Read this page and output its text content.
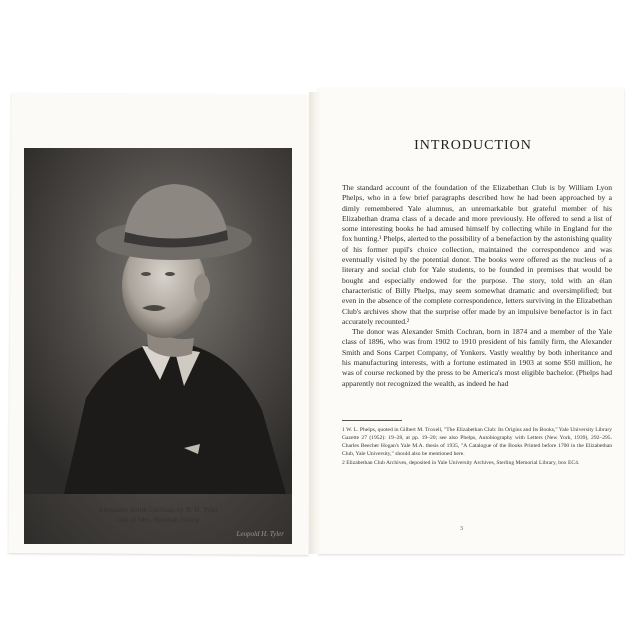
Leopold H. Tyler
Alexander Smith Cochran, by B. H. Tyler
Gift of Mrs. Sherman Ewing
INTRODUCTION

The standard account of the foundation of the Elizabethan Club is by William Lyon Phelps, who in a few brief paragraphs described how he had been approached by a dimly remembered Yale alumnus, an unremarkable but grateful member of his Elizabethan drama class of a decade and more previously. He offered to send a list of some interesting books he had amused himself by collecting while in England for the fox hunting.¹ Phelps, alerted to the possibility of a benefaction by the astonishing quality of his former pupil's choice collection, maintained the correspondence and was eventually visited by the potential donor. The books were offered as the nucleus of a literary and social club for Yale students, to be founded in premises that would be bought and especially endowed for the purpose. The story, told with an élan characteristic of Billy Phelps, may seem somewhat dramatic and oversimplified; but even in the absence of the complete correspondence, letters surviving in the Elizabethan Club's archives show that the surprise offer made by an impulsive benefactor is in fact accurately recounted.²

The donor was Alexander Smith Cochran, born in 1874 and a member of the Yale class of 1896, who was from 1902 to 1910 president of his family firm, the Alexander Smith and Sons Carpet Company, of Yonkers. Vastly wealthy by both inheritance and his manufacturing interests, with a fortune estimated in 1903 at some $50 million, he was of course reckoned by the press to be America's most eligible bachelor. (Phelps had apparently not recognized the wealth, as indeed he had

1 W. L. Phelps, quoted in Gilbert M. Troxell, "The Elizabethan Club: Its Origins and Its Books," Yale University Library Gazette 27 (1952): 19–28, at pp. 19–20; see also Phelps, Autobiography with Letters (New York, 1939), 292–295. Charles Beecher Hogan's Yale M.A. thesis of 1935, "A Catalogue of the Books Printed before 1700 in the Elizabethan Club, Yale University," should also be mentioned here.

2 Elizabethan Club Archives, deposited in Yale University Archives, Sterling Memorial Library, box EC4.

3
